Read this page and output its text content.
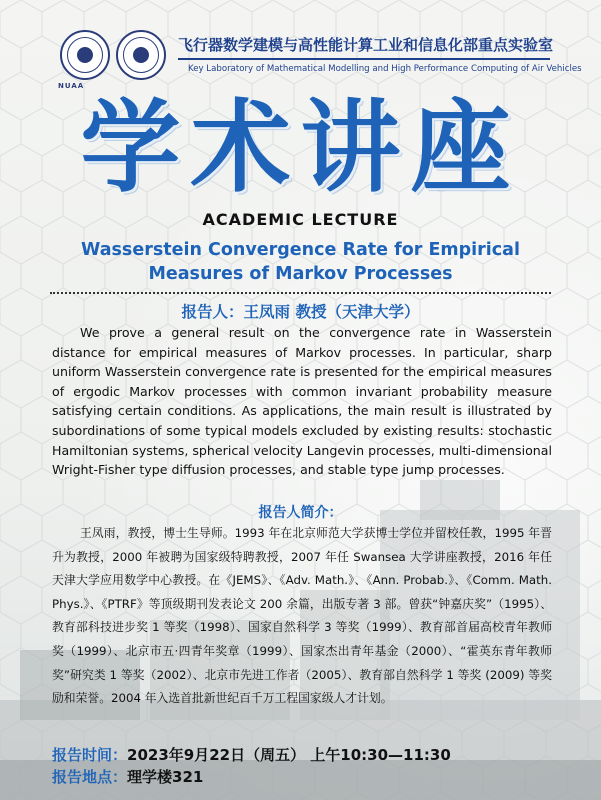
NUAA
飞行器数学建模与高性能计算工业和信息化部重点实验室
Key Laboratory of Mathematical Modelling and High Performance Computing of Air Vehicles
学术讲座
ACADEMIC LECTURE
Wasserstein Convergence Rate for Empirical Measures of Markov Processes
报告人：王凤雨 教授（天津大学）

We prove a general result on the convergence rate in Wasserstein distance for empirical measures of Markov processes. In particular, sharp uniform Wasserstein convergence rate is presented for the empirical measures of ergodic Markov processes with common invariant probability measure satisfying certain conditions. As applications, the main result is illustrated by subordinations of some typical models excluded by existing results: stochastic Hamiltonian systems, spherical velocity Langevin processes, multi-dimensional Wright-Fisher type diffusion processes, and stable type jump processes.

报告人简介：

王凤雨，教授，博士生导师。1993 年在北京师范大学获博士学位并留校任教，1995 年晋升为教授，2000 年被聘为国家级特聘教授，2007 年任 Swansea 大学讲座教授，2016 年任天津大学应用数学中心教授。在《JEMS》、《Adv. Math.》、《Ann. Probab.》、《Comm. Math. Phys.》、《PTRF》等顶级期刊发表论文 200 余篇，出版专著 3 部。曾获“钟嘉庆奖”（1995）、教育部科技进步奖 1 等奖（1998）、国家自然科学 3 等奖（1999）、教育部首届高校青年教师奖（1999）、北京市五·四青年奖章（1999）、国家杰出青年基金（2000）、“霍英东青年教师奖”研究类 1 等奖（2002）、北京市先进工作者（2005）、教育部自然科学 1 等奖 (2009) 等奖励和荣誉。2004 年入选首批新世纪百千万工程国家级人才计划。

报告时间：2023年9月22日（周五） 上午10:30—11:30
报告地点：理学楼321
